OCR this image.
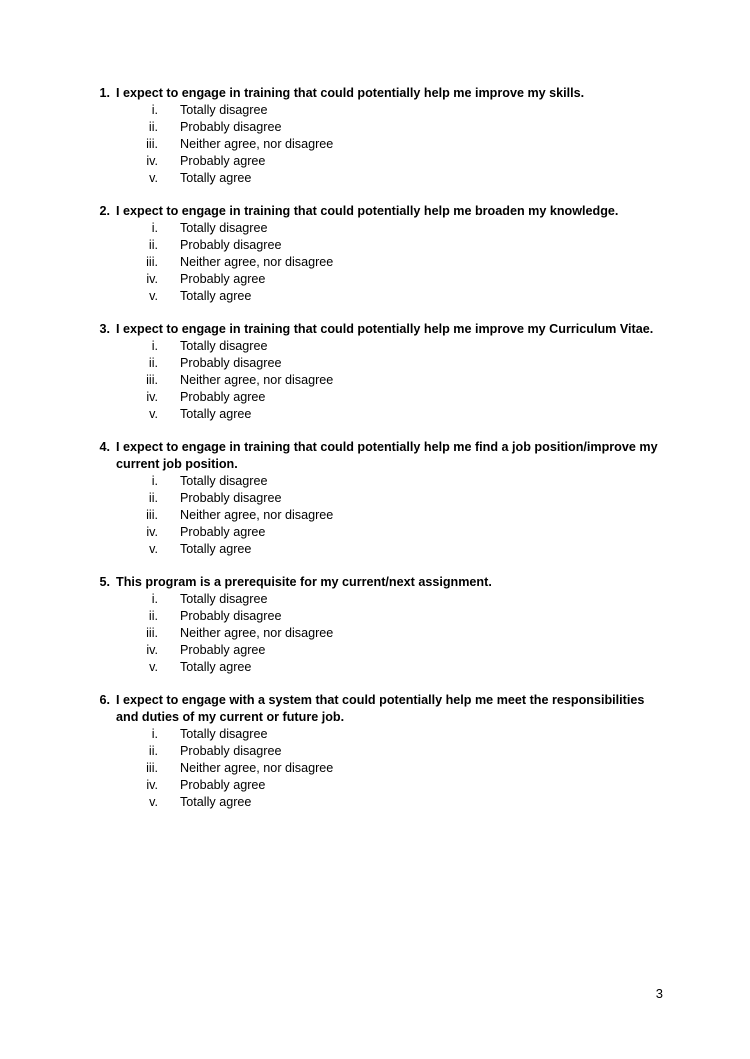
1. I expect to engage in training that could potentially help me improve my skills.
i. Totally disagree
ii. Probably disagree
iii. Neither agree, nor disagree
iv. Probably agree
v. Totally agree
2. I expect to engage in training that could potentially help me broaden my knowledge.
i. Totally disagree
ii. Probably disagree
iii. Neither agree, nor disagree
iv. Probably agree
v. Totally agree
3. I expect to engage in training that could potentially help me improve my Curriculum Vitae.
i. Totally disagree
ii. Probably disagree
iii. Neither agree, nor disagree
iv. Probably agree
v. Totally agree
4. I expect to engage in training that could potentially help me find a job position/improve my current job position.
i. Totally disagree
ii. Probably disagree
iii. Neither agree, nor disagree
iv. Probably agree
v. Totally agree
5. This program is a prerequisite for my current/next assignment.
i. Totally disagree
ii. Probably disagree
iii. Neither agree, nor disagree
iv. Probably agree
v. Totally agree
6. I expect to engage with a system that could potentially help me meet the responsibilities and duties of my current or future job.
i. Totally disagree
ii. Probably disagree
iii. Neither agree, nor disagree
iv. Probably agree
v. Totally agree
3
